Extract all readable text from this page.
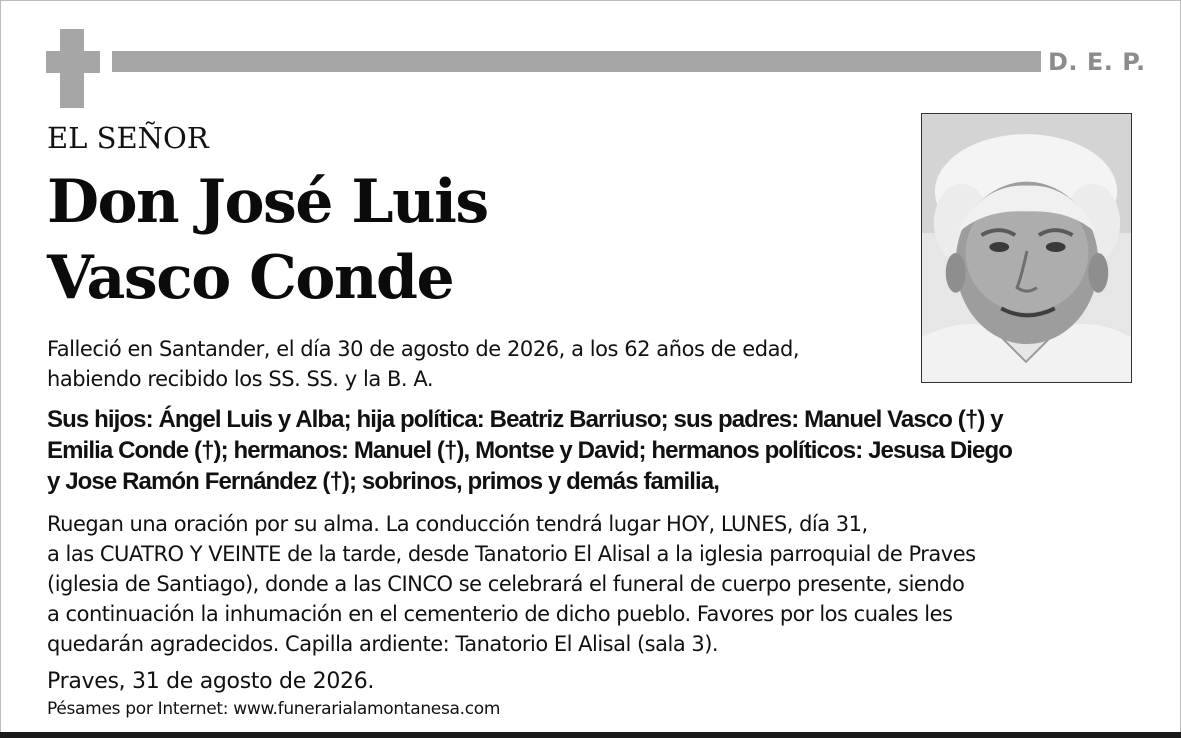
D. E. P.
EL SEÑOR
Don José Luis
Vasco Conde
Falleció en Santander, el día 30 de agosto de 2026, a los 62 años de edad,
habiendo recibido los SS. SS. y la B. A.
Sus hijos: Ángel Luis y Alba; hija política: Beatriz Barriuso; sus padres: Manuel Vasco (†) y
Emilia Conde (†); hermanos: Manuel (†), Montse y David; hermanos políticos: Jesusa Diego
y Jose Ramón Fernández (†); sobrinos, primos y demás familia,
Ruegan una oración por su alma. La conducción tendrá lugar HOY, LUNES, día 31,
a las CUATRO Y VEINTE de la tarde, desde Tanatorio El Alisal a la iglesia parroquial de Praves
(iglesia de Santiago), donde a las CINCO se celebrará el funeral de cuerpo presente, siendo
a continuación la inhumación en el cementerio de dicho pueblo. Favores por los cuales les
quedarán agradecidos. Capilla ardiente: Tanatorio El Alisal (sala 3).
Praves, 31 de agosto de 2026.
Pésames por Internet: www.funerarialamontanesa.com
